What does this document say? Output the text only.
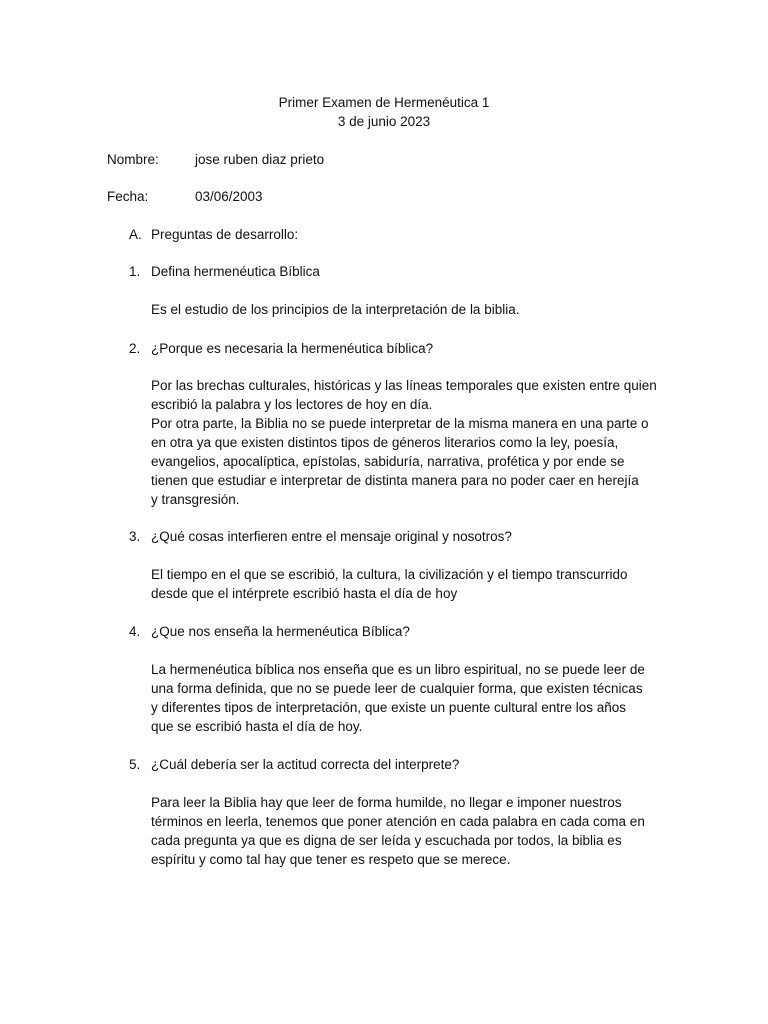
Primer Examen de Hermenéutica 1
3 de junio 2023
Nombre:	jose ruben diaz prieto
Fecha:	03/06/2003
A. Preguntas de desarrollo:
1. Defina hermenéutica Bíblica
Es el estudio de los principios de la interpretación de la biblia.
2. ¿Porque es necesaria la hermenéutica bíblica?
Por las brechas culturales, históricas y las líneas temporales que existen entre quien
escribió la palabra y los lectores de hoy en día.
Por otra parte, la Biblia no se puede interpretar de la misma manera en una parte o
en otra ya que existen distintos tipos de géneros literarios como la ley, poesía,
evangelios, apocalíptica, epístolas, sabiduría, narrativa, profética y por ende se
tienen que estudiar e interpretar de distinta manera para no poder caer en herejía
y transgresión.
3. ¿Qué cosas interfieren entre el mensaje original y nosotros?
El tiempo en el que se escribió, la cultura, la civilización y el tiempo transcurrido
desde que el intérprete escribió hasta el día de hoy
4. ¿Que nos enseña la hermenéutica Bíblica?
La hermenéutica bíblica nos enseña que es un libro espiritual, no se puede leer de
una forma definida, que no se puede leer de cualquier forma, que existen técnicas
y diferentes tipos de interpretación, que existe un puente cultural entre los años
que se escribió hasta el día de hoy.
5. ¿Cuál debería ser la actitud correcta del interprete?
Para leer la Biblia hay que leer de forma humilde, no llegar e imponer nuestros
términos en leerla, tenemos que poner atención en cada palabra en cada coma en
cada pregunta ya que es digna de ser leída y escuchada por todos, la biblia es
espíritu y como tal hay que tener es respeto que se merece.
